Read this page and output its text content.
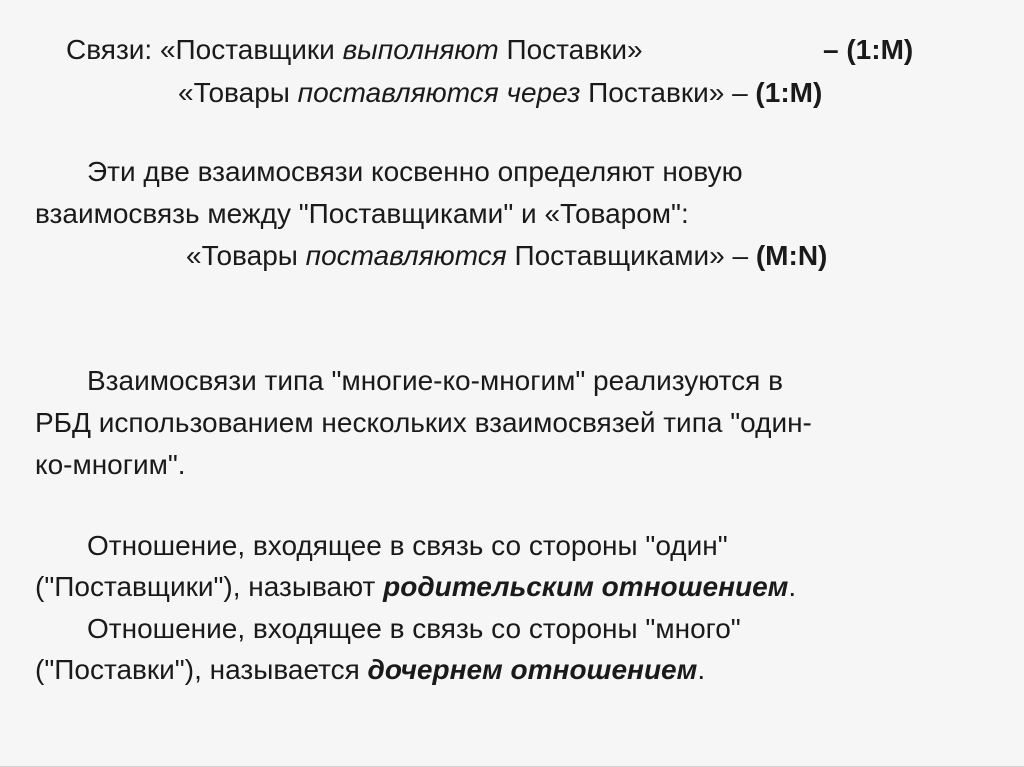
Связи: «Поставщики выполняют Поставки»	– (1:M)
«Товары поставляются через Поставки» – (1:M)
Эти две взаимосвязи косвенно определяют новую
взаимосвязь между "Поставщиками" и «Товаром":
«Товары поставляются Поставщиками» – (M:N)
Взаимосвязи типа "многие-ко-многим" реализуются в
РБД использованием нескольких взаимосвязей типа "один-
ко-многим".
Отношение, входящее в связь со стороны "один"
("Поставщики"), называют родительским отношением.
Отношение, входящее в связь со стороны "много"
("Поставки"), называется дочернем отношением.
